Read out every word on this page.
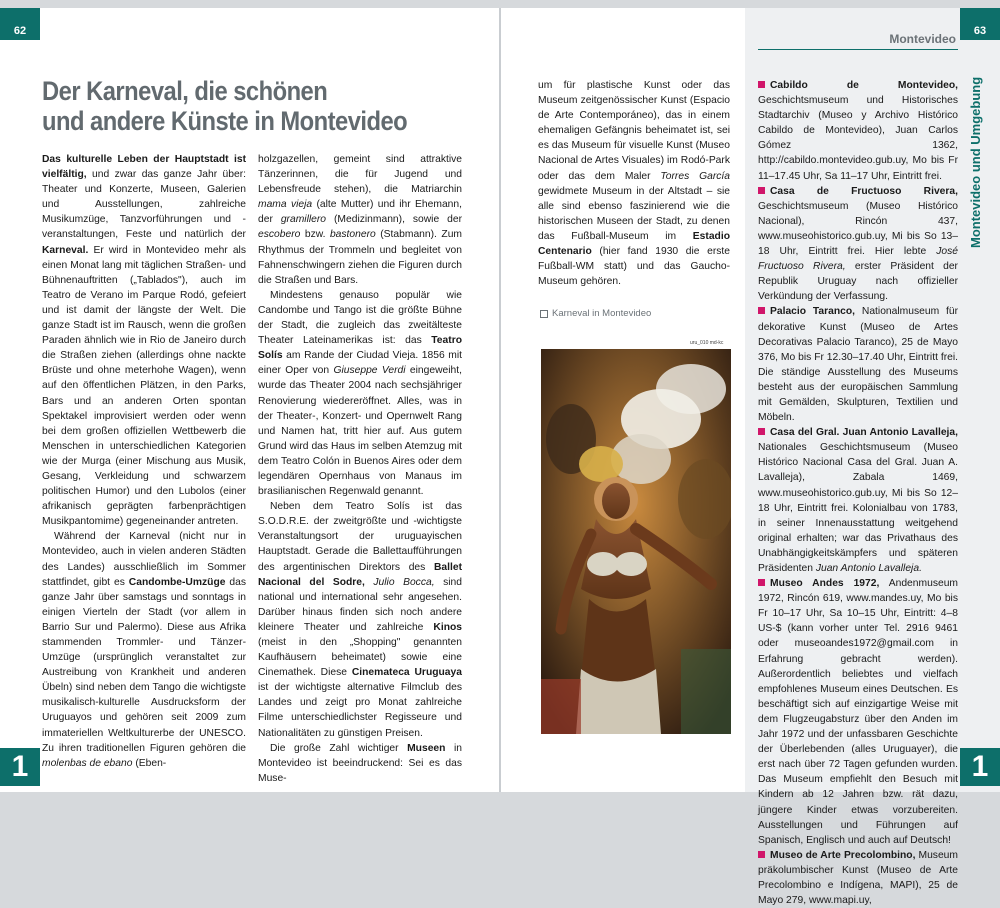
62	63
Montevideo
Montevideo und Umgebung
Der Karneval, die schönen
und andere Künste in Montevideo

Das kulturelle Leben der Hauptstadt ist vielfältig, und zwar das ganze Jahr über: Theater und Konzerte, Museen, Galerien und Ausstellungen, zahlreiche Musikumzüge, Tanzvorführungen und -veranstaltungen, Feste und natürlich der Karneval. Er wird in Montevideo mehr als einen Monat lang mit täglichen Straßen- und Bühnenauftritten („Tablados"), auch im Teatro de Verano im Parque Rodó, gefeiert und ist damit der längste der Welt. Die ganze Stadt ist im Rausch, wenn die großen Paraden ähnlich wie in Rio de Janeiro durch die Straßen ziehen (allerdings ohne nackte Brüste und ohne meterhohe Wagen), wenn auf den öffentlichen Plätzen, in den Parks, Bars und an anderen Orten spontan Spektakel improvisiert werden oder wenn bei dem großen offiziellen Wettbewerb die Menschen in unterschiedlichen Kategorien wie der Murga (einer Mischung aus Musik, Gesang, Verkleidung und schwarzem politischen Humor) und den Lubolos (einer afrikanisch geprägten farbenprächtigen Musikpantomime) gegeneinander antreten.

Während der Karneval (nicht nur in Montevideo, auch in vielen anderen Städten des Landes) ausschließlich im Sommer stattfindet, gibt es Candombe-Umzüge das ganze Jahr über samstags und sonntags in einigen Vierteln der Stadt (vor allem in Barrio Sur und Palermo). Diese aus Afrika stammenden Trommler- und Tänzer-Umzüge (ursprünglich veranstaltet zur Austreibung von Krankheit und anderen Übeln) sind neben dem Tango die wichtigste musikalisch-kulturelle Ausdrucksform der Uruguayos und gehören seit 2009 zum immateriellen Weltkulturerbe der UNESCO. Zu ihren traditionellen Figuren gehören die molenbas de ebano (Eben-

holzgazellen, gemeint sind attraktive Tänzerinnen, die für Jugend und Lebensfreude stehen), die Matriarchin mama vieja (alte Mutter) und ihr Ehemann, der gramillero (Medizinmann), sowie der escobero bzw. bastonero (Stabmann). Zum Rhythmus der Trommeln und begleitet von Fahnenschwingern ziehen die Figuren durch die Straßen und Bars.

Mindestens genauso populär wie Candombe und Tango ist die größte Bühne der Stadt, die zugleich das zweitälteste Theater Lateinamerikas ist: das Teatro Solís am Rande der Ciudad Vieja. 1856 mit einer Oper von Giuseppe Verdi eingeweiht, wurde das Theater 2004 nach sechsjähriger Renovierung wiedereröffnet. Alles, was in der Theater-, Konzert- und Opernwelt Rang und Namen hat, tritt hier auf. Aus gutem Grund wird das Haus im selben Atemzug mit dem Teatro Colón in Buenos Aires oder dem legendären Opernhaus von Manaus im brasilianischen Regenwald genannt.

Neben dem Teatro Solís ist das S.O.D.R.E. der zweitgrößte und -wichtigste Veranstaltungsort der uruguayischen Hauptstadt. Gerade die Ballettaufführungen des argentinischen Direktors des Ballet Nacional del Sodre, Julio Bocca, sind national und international sehr angesehen. Darüber hinaus finden sich noch andere kleinere Theater und zahlreiche Kinos (meist in den „Shopping" genannten Kaufhäusern beheimatet) sowie eine Cinemathek. Diese Cinemateca Uruguaya ist der wichtigste alternative Filmclub des Landes und zeigt pro Monat zahlreiche Filme unterschiedlichster Regisseure und Nationalitäten zu günstigen Preisen.

Die große Zahl wichtiger Museen in Montevideo ist beeindruckend: Sei es das Muse-

um für plastische Kunst oder das Museum zeitgenössischer Kunst (Espacio de Arte Contemporáneo), das in einem ehemaligen Gefängnis beheimatet ist, sei es das Museum für visuelle Kunst (Museo Nacional de Artes Visuales) im Rodó-Park oder das dem Maler Torres García gewidmete Museum in der Altstadt – sie alle sind ebenso faszinierend wie die historischen Museen der Stadt, zu denen das Fußball-Museum im Estadio Centenario (hier fand 1930 die erste Fußball-WM statt) und das Gaucho-Museum gehören.

Karneval in Montevideo
uru_010 md-kc

Cabildo de Montevideo, Geschichtsmuseum und Historisches Stadtarchiv (Museo y Archivo Histórico Cabildo de Montevideo), Juan Carlos Gómez 1362, http://cabildo.montevideo.gub.uy, Mo bis Fr 11–17.45 Uhr, Sa 11–17 Uhr, Eintritt frei.

Casa de Fructuoso Rivera, Geschichtsmuseum (Museo Histórico Nacional), Rincón 437, www.museohistorico.gub.uy, Mi bis So 13–18 Uhr, Eintritt frei. Hier lebte José Fructuoso Rivera, erster Präsident der Republik Uruguay nach offizieller Verkündung der Verfassung.

Palacio Taranco, Nationalmuseum für dekorative Kunst (Museo de Artes Decorativas Palacio Taranco), 25 de Mayo 376, Mo bis Fr 12.30–17.40 Uhr, Eintritt frei. Die ständige Ausstellung des Museums besteht aus der europäischen Sammlung mit Gemälden, Skulpturen, Textilien und Möbeln.

Casa del Gral. Juan Antonio Lavalleja, Nationales Geschichtsmuseum (Museo Histórico Nacional Casa del Gral. Juan A. Lavalleja), Zabala 1469, www.museohistorico.gub.uy, Mi bis So 12–18 Uhr, Eintritt frei. Kolonialbau von 1783, in seiner Innenausstattung weitgehend original erhalten; war das Privathaus des Unabhängigkeitskämpfers und späteren Präsidenten Juan Antonio Lavalleja.

Museo Andes 1972, Andenmuseum 1972, Rincón 619, www.mandes.uy, Mo bis Fr 10–17 Uhr, Sa 10–15 Uhr, Eintritt: 4–8 US-$ (kann vorher unter Tel. 2916 9461 oder museoandes1972@gmail.com in Erfahrung gebracht werden). Außerordentlich beliebtes und vielfach empfohlenes Museum eines Deutschen. Es beschäftigt sich auf einzigartige Weise mit dem Flugzeugabsturz über den Anden im Jahr 1972 und der unfassbaren Geschichte der Überlebenden (alles Uruguayer), die erst nach über 72 Tagen gefunden wurden. Das Museum empfiehlt den Besuch mit Kindern ab 12 Jahren bzw. rät dazu, jüngere Kinder etwas vorzubereiten. Ausstellungen und Führungen auf Spanisch, Englisch und auch auf Deutsch!

Museo de Arte Precolombino, Museum präkolumbischer Kunst (Museo de Arte Precolombino e Indígena, MAPI), 25 de Mayo 279, www.mapi.uy,

1	1
